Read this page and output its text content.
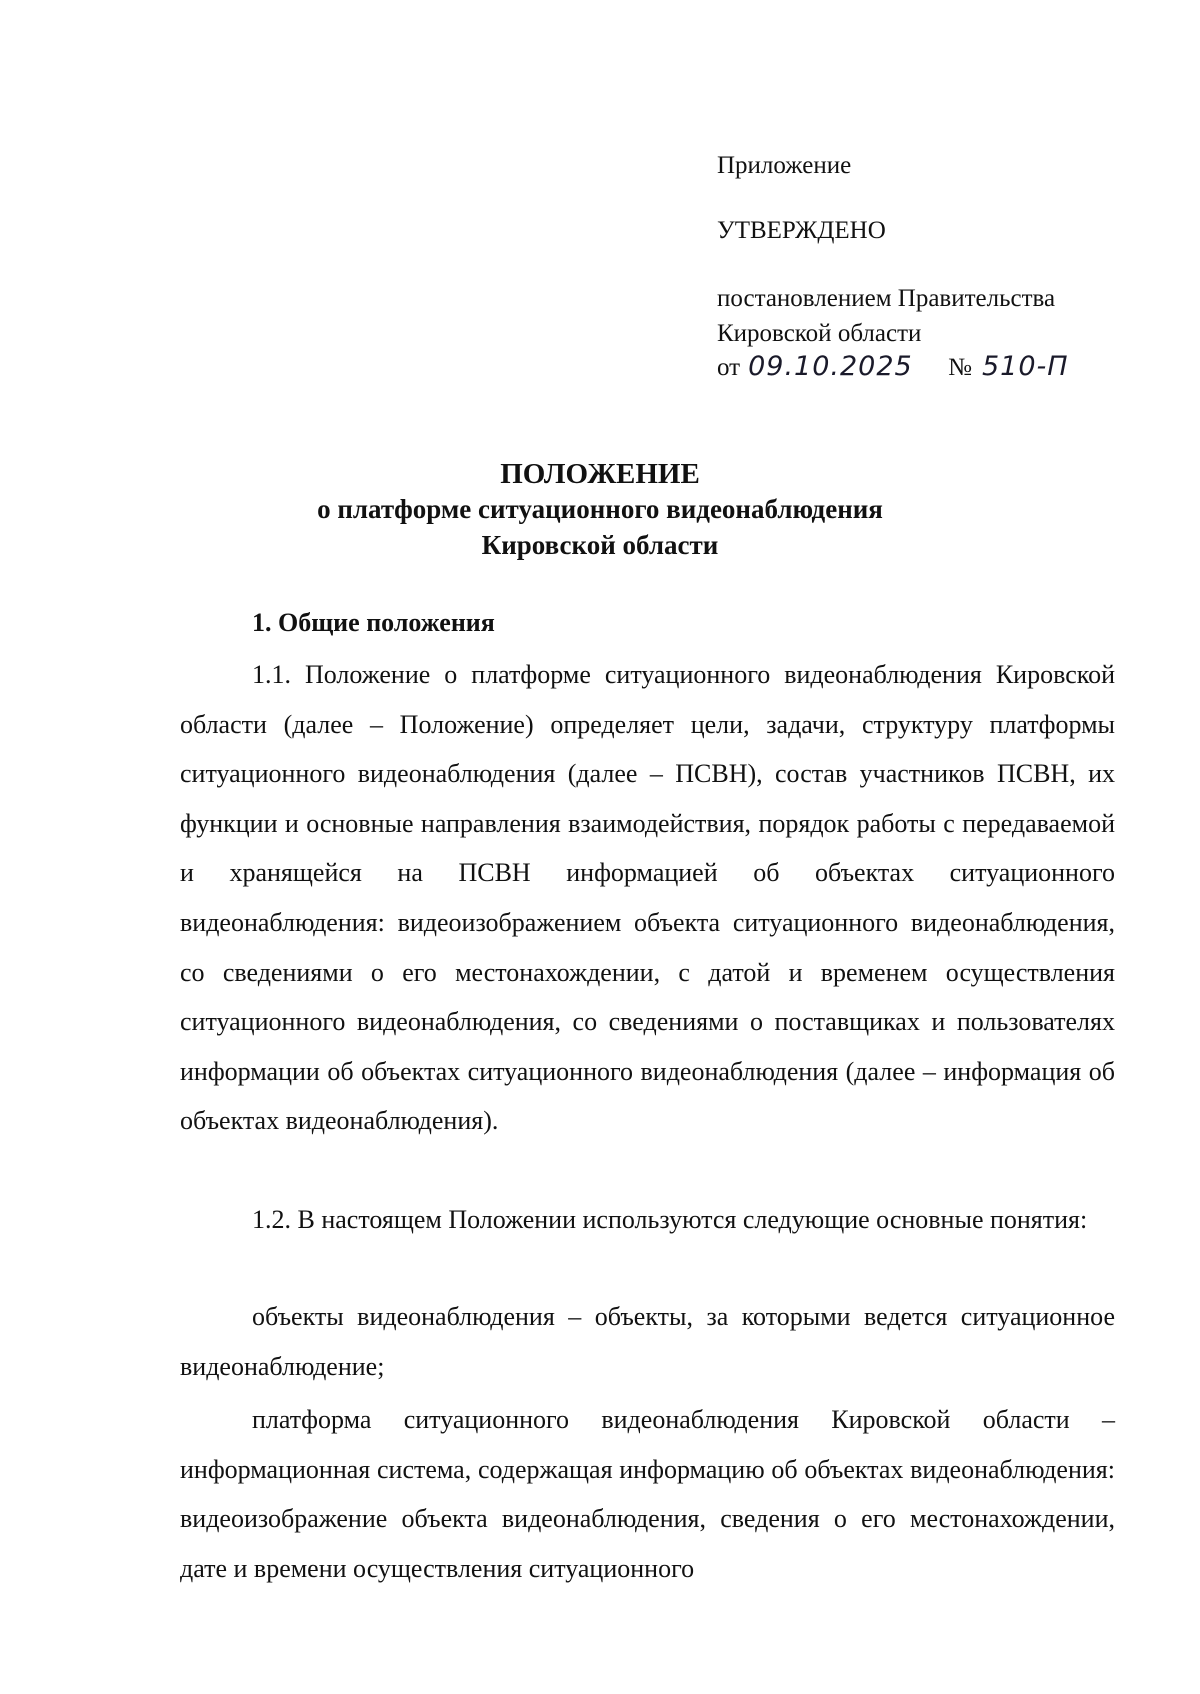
Приложение
УТВЕРЖДЕНО
постановлением Правительства
Кировской области
от 09.10.2025	№ 510-П
ПОЛОЖЕНИЕ
о платформе ситуационного видеонаблюдения
Кировской области
1. Общие положения
1.1. Положение о платформе ситуационного видеонаблюдения Кировской области (далее – Положение) определяет цели, задачи, структуру платформы ситуационного видеонаблюдения (далее – ПСВН), состав участников ПСВН, их функции и основные направления взаимодействия, порядок работы с передаваемой и хранящейся на ПСВН информацией об объектах ситуационного видеонаблюдения: видеоизображением объекта ситуационного видеонаблюдения, со сведениями о его местонахождении, с датой и временем осуществления ситуационного видеонаблюдения, со сведениями о поставщиках и пользователях информации об объектах ситуационного видеонаблюдения (далее – информация об объектах видеонаблюдения).
1.2. В настоящем Положении используются следующие основные понятия:
объекты видеонаблюдения – объекты, за которыми ведется ситуационное видеонаблюдение;
платформа ситуационного видеонаблюдения Кировской области – информационная система, содержащая информацию об объектах видеонаблюдения: видеоизображение объекта видеонаблюдения, сведения о его местонахождении, дате и времени осуществления ситуационного
